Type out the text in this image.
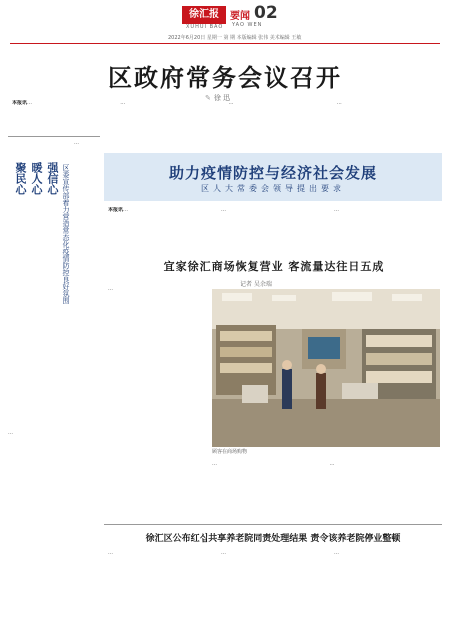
徐汇报
XUHUI BAO
要闻
YAO WEN
02
2022年6月20日 星期一 第 期 本版编辑 张伟 美术编辑 王敏
区政府常务会议召开
✎ 徐 迅
本报讯…	…	…	…
强信心
暖人心
聚民心	区委宣传部着力营造常态化疫情防控良好氛围
…
…
助力疫情防控与经济社会发展
区人大常委会领导提出要求
本报讯…	…	…
宜家徐汇商场恢复营业 客流量达往日五成
记者 吴余瑞
…
顾客在商场购物
…	…
徐汇区公布红십共享养老院同责处理结果 责令该养老院停业整顿
…	…	…
